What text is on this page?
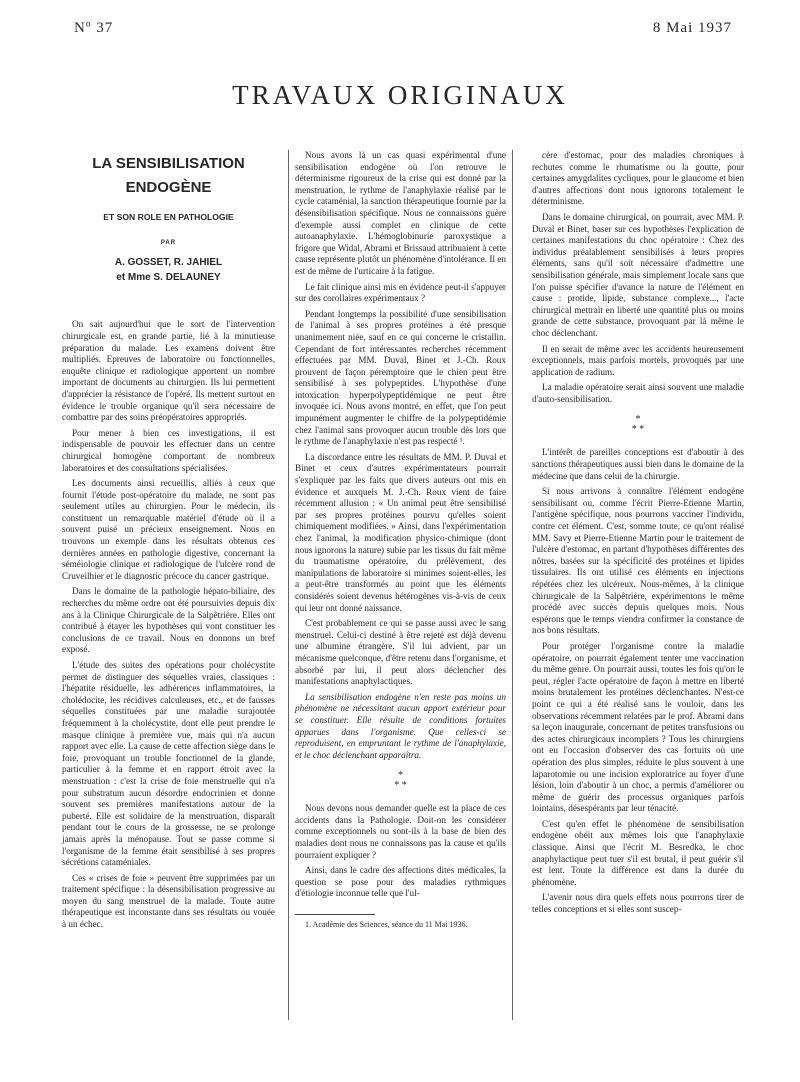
Nº 37	8 Mai 1937
TRAVAUX ORIGINAUX
LA SENSIBILISATION
ENDOGÈNE
ET SON ROLE EN PATHOLOGIE
PAR
A. GOSSET, R. JAHIEL
et Mme S. DELAUNEY

On sait aujourd'hui que le sort de l'intervention chirurgicale est, en grande partie, lié à la minutieuse préparation du malade. Les examens doivent être multipliés. Epreuves de laboratoire ou fonctionnelles, enquête clinique et radiologique apportent un nombre important de documents au chirurgien. Ils lui permettent d'apprécier la résistance de l'opéré. Ils mettent surtout en évidence le trouble organique qu'il sera nécessaire de combattre par des soins préopératoires appropriés.

Pour mener à bien ces investigations, il est indispensable de pouvoir les effectuer dans un centre chirurgical homogène comportant de nombreux laboratoires et des consultations spécialisées.

Les documents ainsi recueillis, alliés à ceux que fournit l'étude post-opératoire du malade, ne sont pas seulement utiles au chirurgien. Pour le médecin, ils constituent un remarquable matériel d'étude où il a souvent puisé un précieux enseignement. Nous en trouvons un exemple dans les résultats obtenus ces dernières années en pathologie digestive, concernant la séméiologie clinique et radiologique de l'ulcère rond de Cruveilhier et le diagnostic précoce du cancer gastrique.

Dans le domaine de la pathologie hépato-biliaire, des recherches du même ordre ont été poursuivies depuis dix ans à la Clinique Chirurgicale de la Salpêtrière. Elles ont contribué à étayer les hypothèses qui vont constituer les conclusions de ce travail. Nous en donnons un bref exposé.

L'étude des suites des opérations pour cholécystite permet de distinguer des séquelles vraies, classiques : l'hépatite résiduelle, les adhérences inflammatoires, la cholédocite, les récidives calculeuses, etc., et de fausses séquelles constituées par une maladie surajoutée fréquemment à la cholécystite, dont elle peut prendre le masque clinique à première vue, mais qui n'a aucun rapport avec elle. La cause de cette affection siège dans le foie, provoquant un trouble fonctionnel de la glande, particulier à la femme et en rapport étroit avec la menstruation : c'est la crise de foie menstruelle qui n'a pour substratum aucun désordre endocrinien et donne souvent ses premières manifestations autour de la puberté. Elle est solidaire de la menstruation, disparaît pendant tout le cours de la grossesse, ne se prolonge jamais après la ménopause. Tout se passe comme si l'organisme de la femme était sensibilisé à ses propres sécrétions cataméniales.

Ces « crises de foie » peuvent être supprimées par un traitement spécifique : la désensibilisation progressive au moyen du sang menstruel de la malade. Toute autre thérapeutique est inconstante dans ses résultats ou vouée à un échec.

Nous avons là un cas quasi expérimental d'une sensibilisation endogène où l'on retrouve le déterminisme rigoureux de la crise qui est donné par la menstruation, le rythme de l'anaphylaxie réalisé par le cycle cataménial, la sanction thérapeutique fournie par la désensibilisation spécifique. Nous ne connaissons guère d'exemple aussi complet en clinique de cette autoanaphylaxie. L'hémoglobinurie paroxystique a frigore que Widal, Abrami et Brissaud attribuaient à cette cause représente plutôt un phénomène d'intolérance. Il en est de même de l'urticaire à la fatigue.

Le fait clinique ainsi mis en évidence peut-il s'appuyer sur des corollaires expérimentaux ?

Pendant longtemps la possibilité d'une sensibilisation de l'animal à ses propres protéines a été presque unanimement niée, sauf en ce qui concerne le cristallin. Cependant de fort intéressantes recherches récemment effectuées par MM. Duval, Binet et J.-Ch. Roux prouvent de façon péremptoire que le chien peut être sensibilisé à ses polypeptides. L'hypothèse d'une intoxication hyperpolypeptidémique ne peut être invoquée ici. Nous avons montré, en effet, que l'on peut impunément augmenter le chiffre de la polypeptidémie chez l'animal sans provoquer aucun trouble dès lors que le rythme de l'anaphylaxie n'est pas respecté ¹.

La discordance entre les résultats de MM. P. Duval et Binet et ceux d'autres expérimentateurs pourrait s'expliquer par les faits que divers auteurs ont mis en évidence et auxquels M. J.-Ch. Roux vient de faire récemment allusion : « Un animal peut être sensibilisé par ses propres protéines pourvu qu'elles soient chimiquement modifiées. » Ainsi, dans l'expérimentation chez l'animal, la modification physico-chimique (dont nous ignorons la nature) subie par les tissus du fait même du traumatisme opératoire, du prélèvement, des manipulations de laboratoire si minimes soient-elles, les a peut-être transformés au point que les éléments considérés soient devenus hétérogènes vis-à-vis de ceux qui leur ont donné naissance.

C'est probablement ce qui se passe aussi avec le sang menstruel. Celui-ci destiné à être rejeté est déjà devenu une albumine étrangère. S'il lui advient, par un mécanisme quelconque, d'être retenu dans l'organisme, et absorbé par lui, il peut alors déclencher des manifestations anaphylactiques.

La sensibilisation endogène n'en reste pas moins un phénomène ne nécessitant aucun apport extérieur pour se constituer. Elle résulte de conditions fortuites apparues dans l'organisme. Que celles-ci se reproduisent, en empruntant le rythme de l'anaphylaxie, et le choc déclenchant apparaîtra.

*
* *

Nous devons nous demander quelle est la place de ces accidents dans la Pathologie. Doit-on les considérer comme exceptionnels ou sont-ils à la base de bien des maladies dont nous ne connaissons pas la cause et qu'ils pourraient expliquer ?

Ainsi, dans le cadre des affections dites médicales, la question se pose pour des maladies rythmiques d'étiologie inconnue telle que l'ul-

1. Académie des Sciences, séance du 11 Mai 1936.

cère d'estomac, pour des maladies chroniques à rechutes comme le rhumatisme ou la goutte, pour certaines amygdalites cycliques, pour le glaucome et bien d'autres affections dont nous ignorons totalement le déterminisme.

Dans le domaine chirurgical, on pourrait, avec MM. P. Duval et Binet, baser sur ces hypothèses l'explication de certaines manifestations du choc opératoire : Chez des individus préalablement sensibilisés à leurs propres éléments, sans qu'il soit nécessaire d'admettre une sensibilisation générale, mais simplement locale sans que l'on puisse spécifier d'avance la nature de l'élément en cause : protide, lipide, substance complexe..., l'acte chirurgical mettrait en liberté une quantité plus ou moins grande de cette substance, provoquant par là même le choc déclenchant.

Il en serait de même avec les accidents heureusement exceptionnels, mais parfois mortels, provoqués par une application de radium.

La maladie opératoire serait ainsi souvent une maladie d'auto-sensibilisation.

*
* *

L'intérêt de pareilles conceptions est d'aboutir à des sanctions thérapeutiques aussi bien dans le domaine de la médecine que dans celui de la chirurgie.

Si nous arrivons à connaître l'élément endogène sensibilisant ou, comme l'écrit Pierre-Etienne Martin, l'antigène spécifique, nous pourrons vacciner l'individu, contre cet élément. C'est, somme toute, ce qu'ont réalisé MM. Savy et Pierre-Etienne Martin pour le traitement de l'ulcère d'estomac, en partant d'hypothèses différentes des nôtres, basées sur la spécificité des protéines et lipides tissulaires. Ils ont utilisé ces éléments en injections répétées chez les ulcéreux. Nous-mêmes, à la clinique chirurgicale de la Salpêtrière, expérimentons le même procédé avec succès depuis quelques mois. Nous espérons que le temps viendra confirmer la constance de nos bons résultats.

Pour protéger l'organisme contre la maladie opératoire, on pourrait également tenter une vaccination du même genre. On pourrait aussi, toutes les fois qu'on le peut, régler l'acte opératoire de façon à mettre en liberté moins brutalement les protéines déclenchantes. N'est-ce point ce qui a été réalisé sans le vouloir, dans les observations récemment relatées par le prof. Abrami dans sa leçon inaugurale, concernant de petites transfusions ou des actes chirurgicaux incomplets ? Tous les chirurgiens ont eu l'occasion d'observer des cas fortuits où une opération des plus simples, réduite le plus souvent à une laparotomie ou une incision exploratrice au foyer d'une lésion, loin d'aboutir à un choc, a permis d'améliorer ou même de guérir des processus organiques parfois lointains, désespérants par leur ténacité.

C'est qu'en effet le phénomène de sensibilisation endogène obéit aux mêmes lois que l'anaphylaxie classique. Ainsi que l'écrit M. Besredka, le choc anaphylactique peut tuer s'il est brutal, il peut guérir s'il est lent. Toute la différence est dans la durée du phénomène.

L'avenir nous dira quels effets nous pourrons tirer de telles conceptions et si elles sont suscep-
